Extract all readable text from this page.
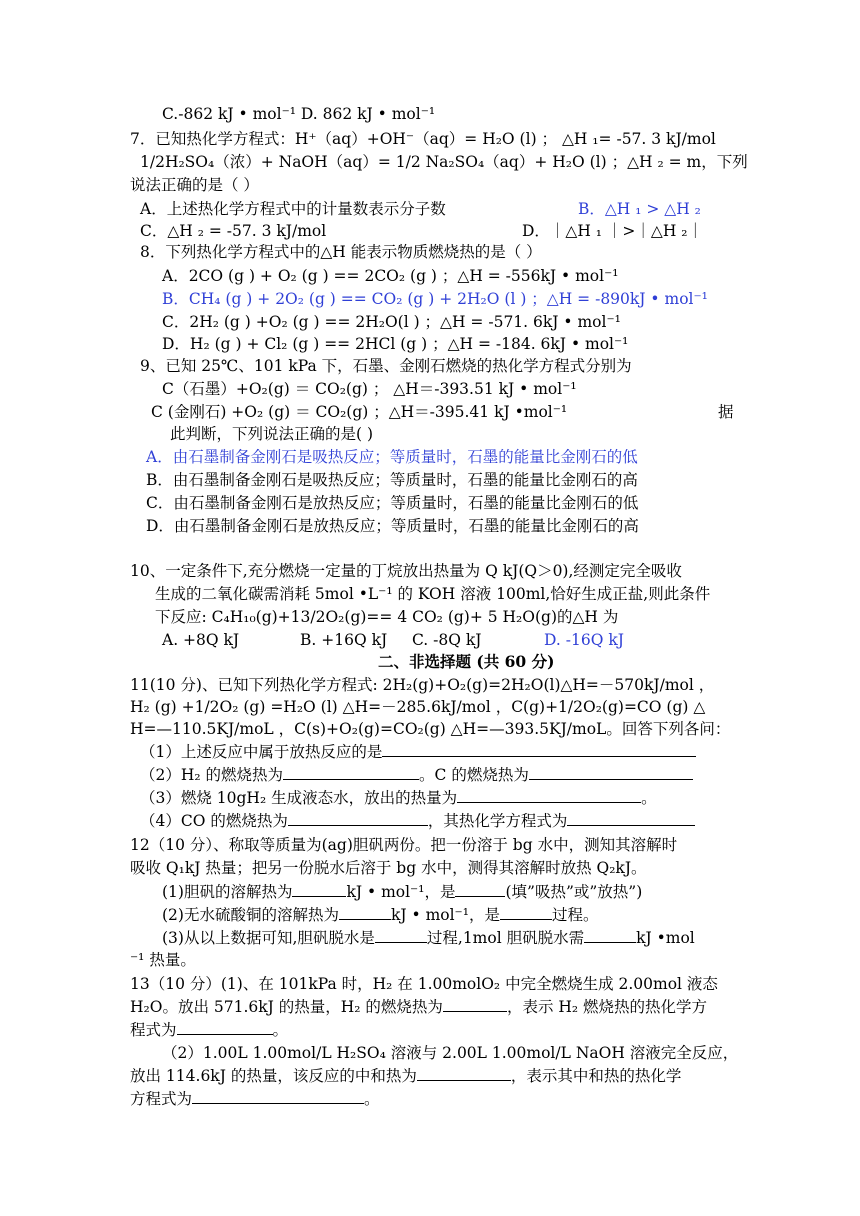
C.-862 kJ • mol⁻¹ D. 862 kJ • mol⁻¹
7．已知热化学方程式：H⁺（aq）+OH⁻（aq）= H₂O (l) ； △H ₁= -57. 3 kJ/mol
1/2H₂SO₄（浓）+ NaOH（aq）= 1/2 Na₂SO₄（aq）+ H₂O (l) ；△H ₂ = m，下列
说法正确的是（ ）
A．上述热化学方程式中的计量数表示分子数	B．△H ₁ > △H ₂
C．△H ₂ = -57. 3 kJ/mol	D．｜△H ₁ ｜>｜△H ₂｜
8．下列热化学方程式中的△H 能表示物质燃烧热的是（ ）
A．2CO (g ) + O₂ (g ) == 2CO₂ (g ) ；△H = -556kJ • mol⁻¹
B．CH₄ (g ) + 2O₂ (g ) == CO₂ (g ) + 2H₂O (l ) ；△H = -890kJ • mol⁻¹
C．2H₂ (g ) +O₂ (g ) == 2H₂O(l ) ；△H = -571. 6kJ • mol⁻¹
D．H₂ (g ) + Cl₂ (g ) == 2HCl (g ) ；△H = -184. 6kJ • mol⁻¹
9、已知 25℃、101 kPa 下，石墨、金刚石燃烧的热化学方程式分别为
C（石墨）+O₂(g) ＝ CO₂(g) ； △H＝-393.51 kJ • mol⁻¹
C (金刚石) +O₂ (g) ＝ CO₂(g) ；△H＝-395.41 kJ •mol⁻¹	据
此判断，下列说法正确的是( )
A．由石墨制备金刚石是吸热反应；等质量时，石墨的能量比金刚石的低
B．由石墨制备金刚石是吸热反应；等质量时，石墨的能量比金刚石的高
C．由石墨制备金刚石是放热反应；等质量时，石墨的能量比金刚石的低
D．由石墨制备金刚石是放热反应；等质量时，石墨的能量比金刚石的高
10、一定条件下,充分燃烧一定量的丁烷放出热量为 Q kJ(Q＞0),经测定完全吸收
生成的二氧化碳需消耗 5mol •L⁻¹ 的 KOH 溶液 100ml,恰好生成正盐,则此条件
下反应: C₄H₁₀(g)+13/2O₂(g)== 4 CO₂ (g)+ 5 H₂O(g)的△H 为
A. +8Q kJ	B. +16Q kJ C. -8Q kJ	D. -16Q kJ
二、非选择题 (共 60 分)
11(10 分)、已知下列热化学方程式: 2H₂(g)+O₂(g)=2H₂O(l)△H=－570kJ/mol ，
H₂ (g) +1/2O₂ (g) =H₂O (l) △H=－285.6kJ/mol ，C(g)+1/2O₂(g)=CO (g) △
H=—110.5KJ/moL ，C(s)+O₂(g)=CO₂(g) △H=—393.5KJ/moL。回答下列各问：
（1）上述反应中属于放热反应的是
（2）H₂ 的燃烧热为	。C 的燃烧热为
（3）燃烧 10gH₂ 生成液态水，放出的热量为	。
（4）CO 的燃烧热为	，其热化学方程式为
12（10 分）、称取等质量为(ag)胆矾两份。把一份溶于 bg 水中，测知其溶解时
吸收 Q₁kJ 热量；把另一份脱水后溶于 bg 水中，测得其溶解时放热 Q₂kJ。
(1)胆矾的溶解热为	kJ • mol⁻¹，是	(填”吸热”或”放热”)
(2)无水硫酸铜的溶解热为	kJ • mol⁻¹，是	过程。
(3)从以上数据可知,胆矾脱水是	过程,1mol 胆矾脱水需	kJ •mol
⁻¹ 热量。
13（10 分）(1)、在 101kPa 时，H₂ 在 1.00molO₂ 中完全燃烧生成 2.00mol 液态
H₂O。放出 571.6kJ 的热量，H₂ 的燃烧热为	，表示 H₂ 燃烧热的热化学方
程式为	。
（2）1.00L 1.00mol/L H₂SO₄ 溶液与 2.00L 1.00mol/L NaOH 溶液完全反应，
放出 114.6kJ 的热量，该反应的中和热为	，表示其中和热的热化学
方程式为	。
